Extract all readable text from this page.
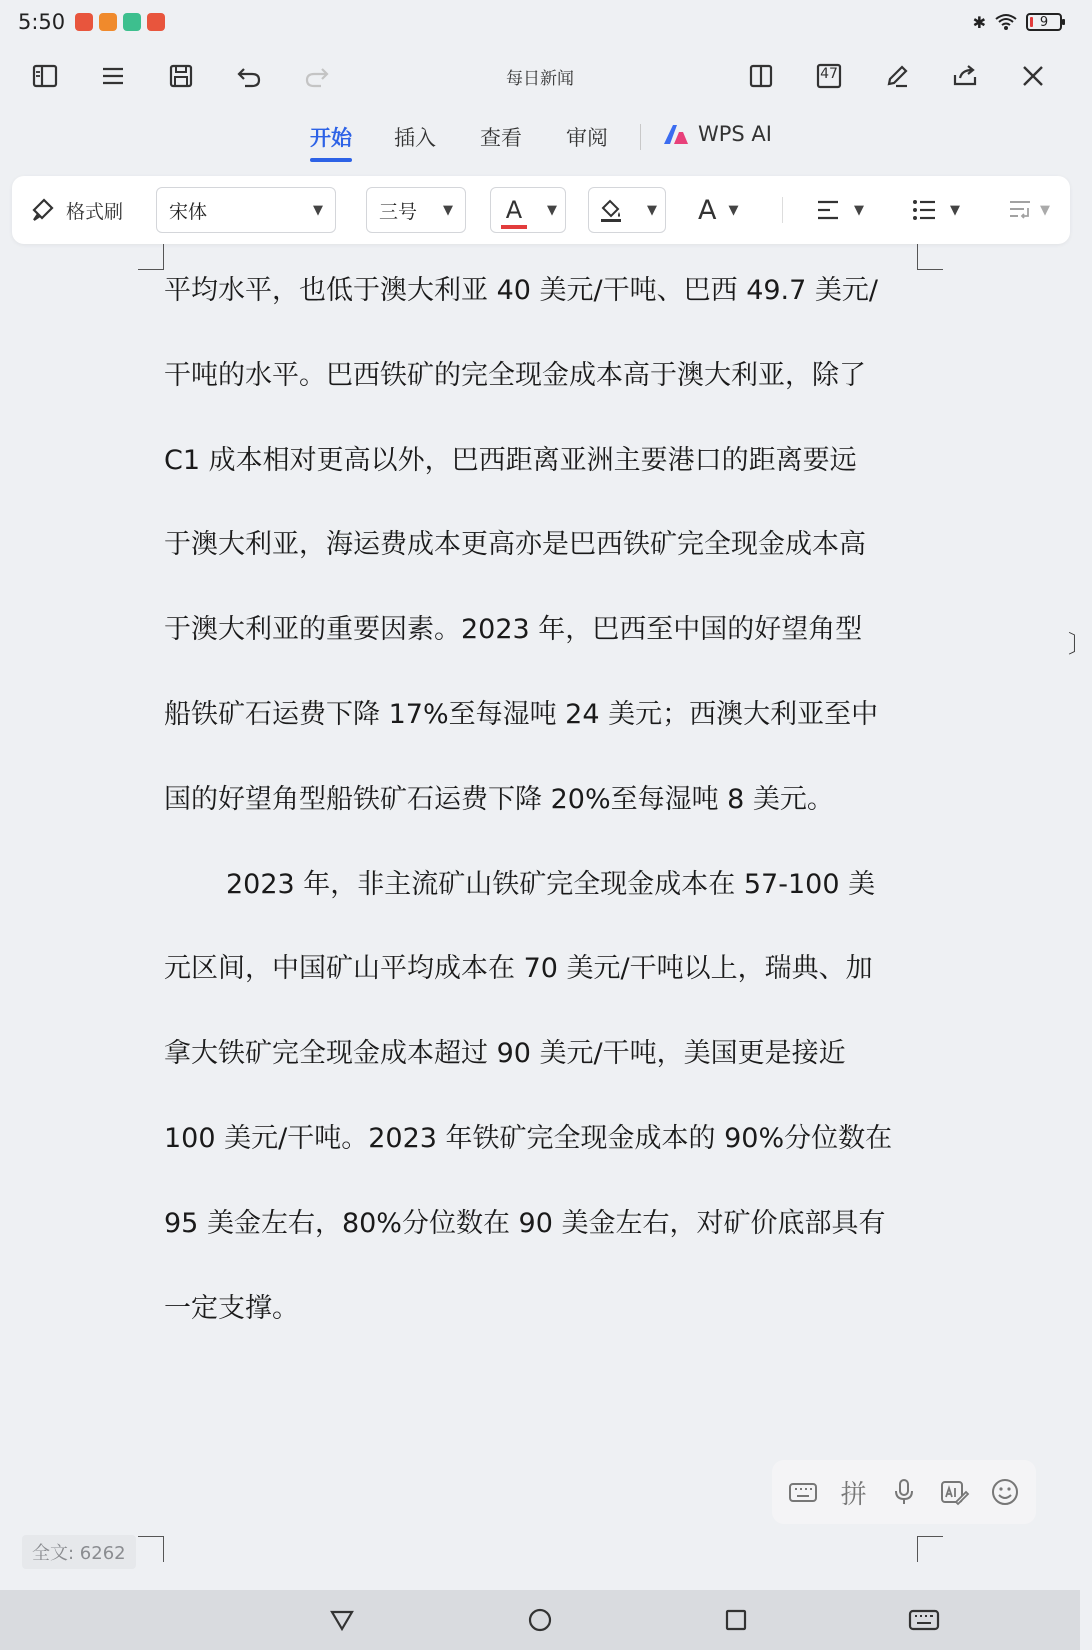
5:50	✱	9
每日新闻	47
开始 插入 查看 审阅	WPS AI
格式刷 宋体	▼	三号 ▼ A	▼	▼ A ▼	▼	▼	▼
平均水平，也低于澳大利亚 40 美元/干吨、巴西 49.7 美元/
干吨的水平。巴西铁矿的完全现金成本高于澳大利亚，除了
C1 成本相对更高以外，巴西距离亚洲主要港口的距离要远
于澳大利亚，海运费成本更高亦是巴西铁矿完全现金成本高
于澳大利亚的重要因素。2023 年，巴西至中国的好望角型
船铁矿石运费下降 17%至每湿吨 24 美元；西澳大利亚至中
国的好望角型船铁矿石运费下降 20%至每湿吨 8 美元。
2023 年，非主流矿山铁矿完全现金成本在 57-100 美
元区间，中国矿山平均成本在 70 美元/干吨以上，瑞典、加
拿大铁矿完全现金成本超过 90 美元/干吨，美国更是接近
100 美元/干吨。2023 年铁矿完全现金成本的 90%分位数在
95 美金左右，80%分位数在 90 美金左右，对矿价底部具有
一定支撑。
〕
拼
全文: 6262
